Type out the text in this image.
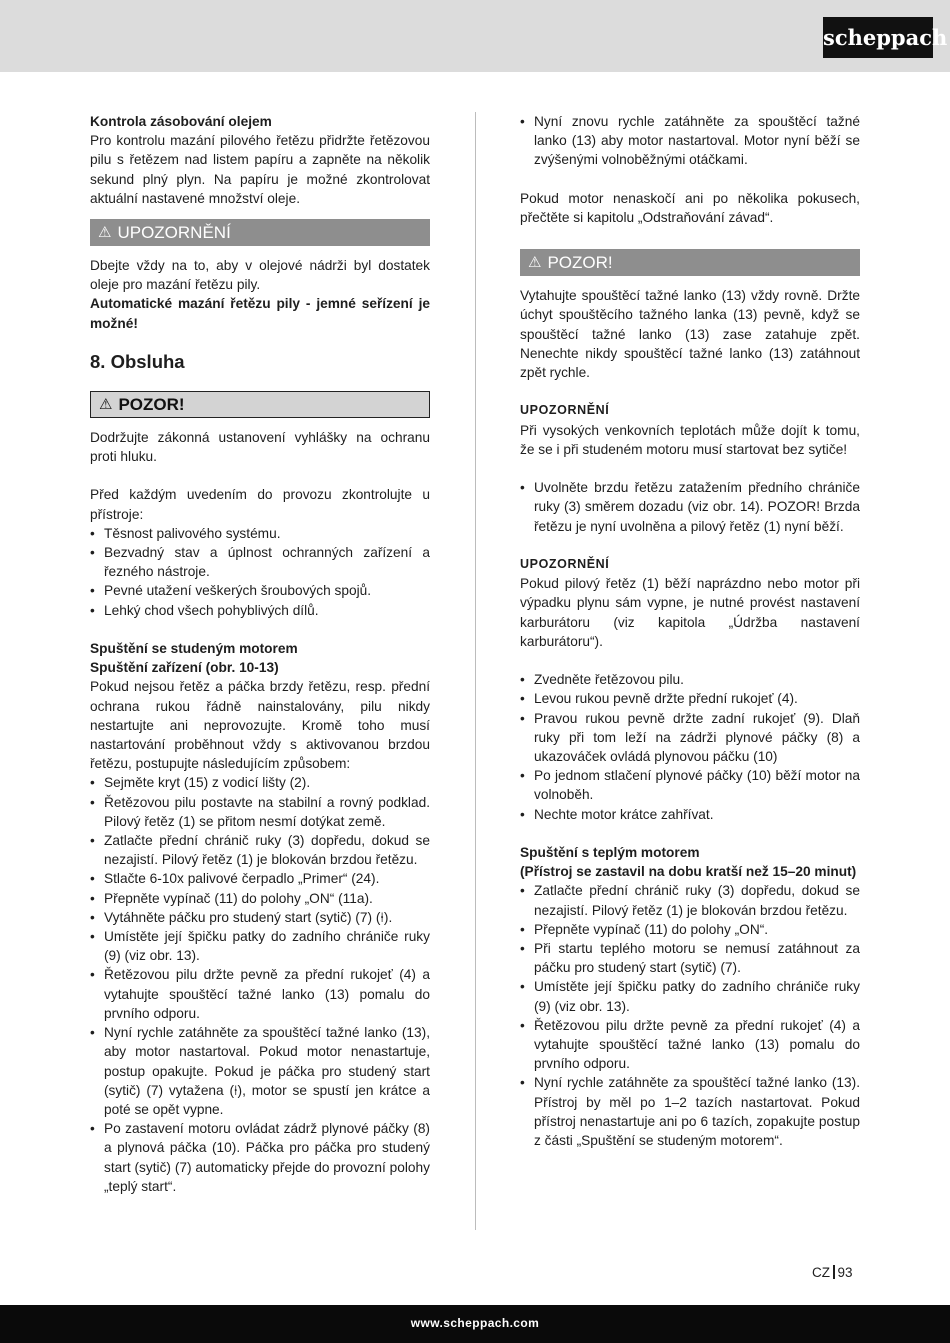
scheppach

Kontrola zásobování olejem

Pro kontrolu mazání pilového řetězu přidržte řetězovou pilu s řetězem nad listem papíru a zapněte na několik sekund plný plyn. Na papíru je možné zkontrolovat aktuální nastavené množství oleje.

⚠ UPOZORNĚNÍ

Dbejte vždy na to, aby v olejové nádrži byl dostatek oleje pro mazání řetězu pily.

Automatické mazání řetězu pily - jemné seřízení je možné!

8. Obsluha
⚠ POZOR!

Dodržujte zákonná ustanovení vyhlášky na ochranu proti hluku.

Před každým uvedením do provozu zkontrolujte u přístroje:

• Těsnost palivového systému.
• Bezvadný stav a úplnost ochranných zařízení a řezného nástroje.
• Pevné utažení veškerých šroubových spojů.
• Lehký chod všech pohyblivých dílů.

Spuštění se studeným motorem

Spuštění zařízení (obr. 10-13)

Pokud nejsou řetěz a páčka brzdy řetězu, resp. přední ochrana rukou řádně nainstalovány, pilu nikdy nestartujte ani neprovozujte. Kromě toho musí nastartování proběhnout vždy s aktivovanou brzdou řetězu, postupujte následujícím způsobem:

• Sejměte kryt (15) z vodicí lišty (2).
• Řetězovou pilu postavte na stabilní a rovný podklad. Pilový řetěz (1) se přitom nesmí dotýkat země.
• Zatlačte přední chránič ruky (3) dopředu, dokud se nezajistí. Pilový řetěz (1) je blokován brzdou řetězu.
• Stlačte 6-10x palivové čerpadlo „Primer“ (24).
• Přepněte vypínač (11) do polohy „ON“ (11a).
• Vytáhněte páčku pro studený start (sytič) (7) (⍿).
• Umístěte její špičku patky do zadního chrániče ruky (9) (viz obr. 13).
• Řetězovou pilu držte pevně za přední rukojeť (4) a vytahujte spouštěcí tažné lanko (13) pomalu do prvního odporu.
• Nyní rychle zatáhněte za spouštěcí tažné lanko (13), aby motor nastartoval. Pokud motor nenastartuje, postup opakujte. Pokud je páčka pro studený start (sytič) (7) vytažena (⍿), motor se spustí jen krátce a poté se opět vypne.
• Po zastavení motoru ovládat zádrž plynové páčky (8) a plynová páčka (10). Páčka pro páčka pro studený start (sytič) (7) automaticky přejde do provozní polohy „teplý start“.
• Nyní znovu rychle zatáhněte za spouštěcí tažné lanko (13) aby motor nastartoval. Motor nyní běží se zvýšenými volnoběžnými otáčkami.

Pokud motor nenaskočí ani po několika pokusech, přečtěte si kapitolu „Odstraňování závad“.

⚠ POZOR!

Vytahujte spouštěcí tažné lanko (13) vždy rovně. Držte úchyt spouštěcího tažného lanka (13) pevně, když se spouštěcí tažné lanko (13) zase zatahuje zpět. Nenechte nikdy spouštěcí tažné lanko (13) zatáhnout zpět rychle.

UPOZORNĚNÍ

Při vysokých venkovních teplotách může dojít k tomu, že se i při studeném motoru musí startovat bez sytiče!

• Uvolněte brzdu řetězu zatažením předního chrániče ruky (3) směrem dozadu (viz obr. 14). POZOR! Brzda řetězu je nyní uvolněna a pilový řetěz (1) nyní běží.

UPOZORNĚNÍ

Pokud pilový řetěz (1) běží naprázdno nebo motor při výpadku plynu sám vypne, je nutné provést nastavení karburátoru (viz kapitola „Údržba nastavení karburátoru“).

• Zvedněte řetězovou pilu.
• Levou rukou pevně držte přední rukojeť (4).
• Pravou rukou pevně držte zadní rukojeť (9). Dlaň ruky při tom leží na zádrži plynové páčky (8) a ukazováček ovládá plynovou páčku (10)
• Po jednom stlačení plynové páčky (10) běží motor na volnoběh.
• Nechte motor krátce zahřívat.

Spuštění s teplým motorem

(Přístroj se zastavil na dobu kratší než 15–20 minut)

• Zatlačte přední chránič ruky (3) dopředu, dokud se nezajistí. Pilový řetěz (1) je blokován brzdou řetězu.
• Přepněte vypínač (11) do polohy „ON“.
• Při startu teplého motoru se nemusí zatáhnout za páčku pro studený start (sytič) (7).
• Umístěte její špičku patky do zadního chrániče ruky (9) (viz obr. 13).
• Řetězovou pilu držte pevně za přední rukojeť (4) a vytahujte spouštěcí tažné lanko (13) pomalu do prvního odporu.
• Nyní rychle zatáhněte za spouštěcí tažné lanko (13). Přístroj by měl po 1–2 tazích nastartovat. Pokud přístroj nenastartuje ani po 6 tazích, zopakujte postup z části „Spuštění se studeným motorem“.
CZ 93
www.scheppach.com
